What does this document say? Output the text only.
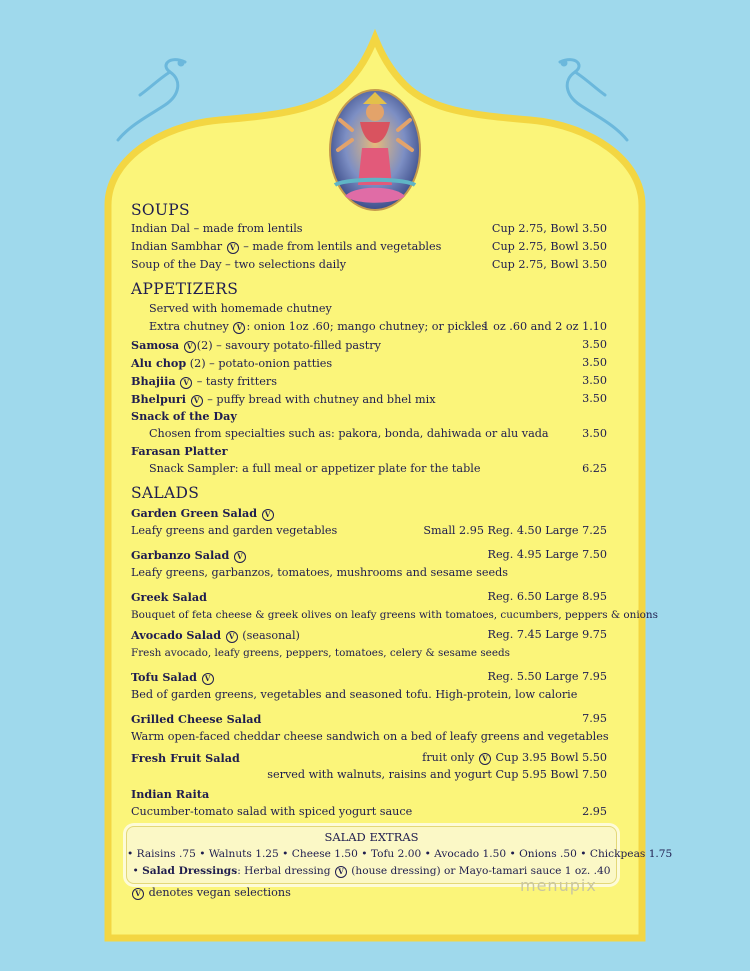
SOUPS
Indian Dal – made from lentils	Cup 2.75, Bowl 3.50
Indian Sambhar V – made from lentils and vegetables	Cup 2.75, Bowl 3.50
Soup of the Day – two selections daily	Cup 2.75, Bowl 3.50
APPETIZERS
Served with homemade chutney
Extra chutney V : onion 1oz .60; mango chutney; or pickles
1 oz .60 and 2 oz 1.10
Samosa V (2) – savoury potato-filled pastry	3.50
Alu chop (2) – potato-onion patties	3.50
Bhajiia V – tasty fritters	3.50
Bhelpuri V – puffy bread with chutney and bhel mix	3.50
Snack of the Day
Chosen from specialties such as: pakora, bonda, dahiwada or alu vada	3.50
Farasan Platter
Snack Sampler: a full meal or appetizer plate for the table	6.25
SALADS
Garden Green Salad V
Leafy greens and garden vegetables	Small 2.95 Reg. 4.50 Large 7.25
Garbanzo Salad V	Reg. 4.95 Large 7.50
Leafy greens, garbanzos, tomatoes, mushrooms and sesame seeds
Greek Salad	Reg. 6.50 Large 8.95
Bouquet of feta cheese & greek olives on leafy greens with tomatoes, cucumbers, peppers & onions
Avocado Salad V (seasonal)	Reg. 7.45 Large 9.75
Fresh avocado, leafy greens, peppers, tomatoes, celery & sesame seeds
Tofu Salad V	Reg. 5.50 Large 7.95
Bed of garden greens, vegetables and seasoned tofu. High-protein, low calorie
Grilled Cheese Salad	7.95
Warm open-faced cheddar cheese sandwich on a bed of leafy greens and vegetables
Fresh Fruit Salad	fruit only V Cup 3.95 Bowl 5.50
served with walnuts, raisins and yogurt Cup 5.95 Bowl 7.50
Indian Raita
Cucumber-tomato salad with spiced yogurt sauce	2.95
SALAD EXTRAS
• Raisins .75 • Walnuts 1.25 • Cheese 1.50 • Tofu 2.00 • Avocado 1.50 • Onions .50 • Chickpeas 1.75
• Salad Dressings: Herbal dressing V (house dressing) or Mayo-tamari sauce 1 oz. .40
V denotes vegan selections	menupix
